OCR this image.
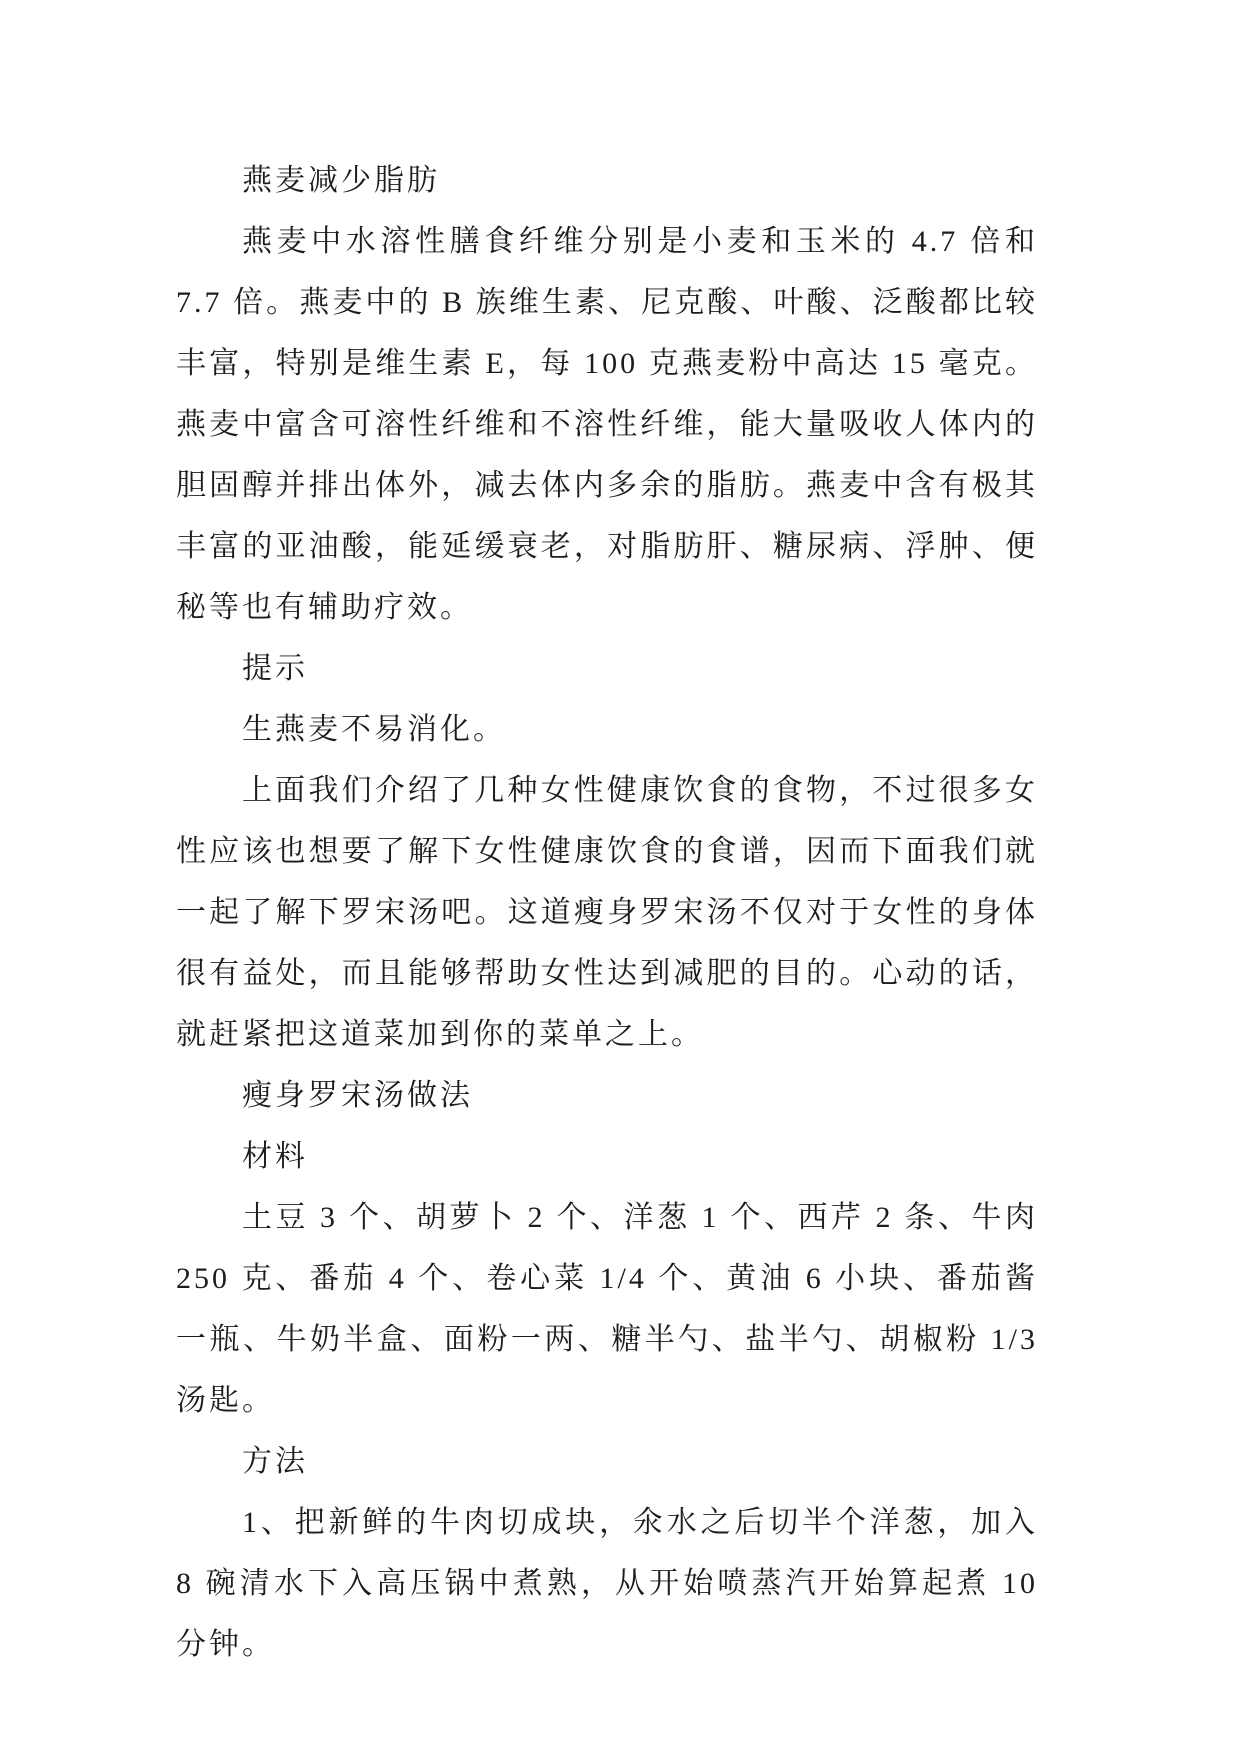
燕麦减少脂肪

燕麦中水溶性膳食纤维分别是小麦和玉米的 4.7 倍和 7.7 倍。燕麦中的 B 族维生素、尼克酸、叶酸、泛酸都比较丰富，特别是维生素 E，每 100 克燕麦粉中高达 15 毫克。燕麦中富含可溶性纤维和不溶性纤维，能大量吸收人体内的胆固醇并排出体外，减去体内多余的脂肪。燕麦中含有极其丰富的亚油酸，能延缓衰老，对脂肪肝、糖尿病、浮肿、便秘等也有辅助疗效。

提示

生燕麦不易消化。

上面我们介绍了几种女性健康饮食的食物，不过很多女性应该也想要了解下女性健康饮食的食谱，因而下面我们就一起了解下罗宋汤吧。这道瘦身罗宋汤不仅对于女性的身体很有益处，而且能够帮助女性达到减肥的目的。心动的话，就赶紧把这道菜加到你的菜单之上。

瘦身罗宋汤做法

材料

土豆 3 个、胡萝卜 2 个、洋葱 1 个、西芹 2 条、牛肉 250 克、番茄 4 个、卷心菜 1/4 个、黄油 6 小块、番茄酱一瓶、牛奶半盒、面粉一两、糖半勺、盐半勺、胡椒粉 1/3 汤匙。

方法

1、把新鲜的牛肉切成块，氽水之后切半个洋葱，加入 8 碗清水下入高压锅中煮熟，从开始喷蒸汽开始算起煮 10 分钟。
